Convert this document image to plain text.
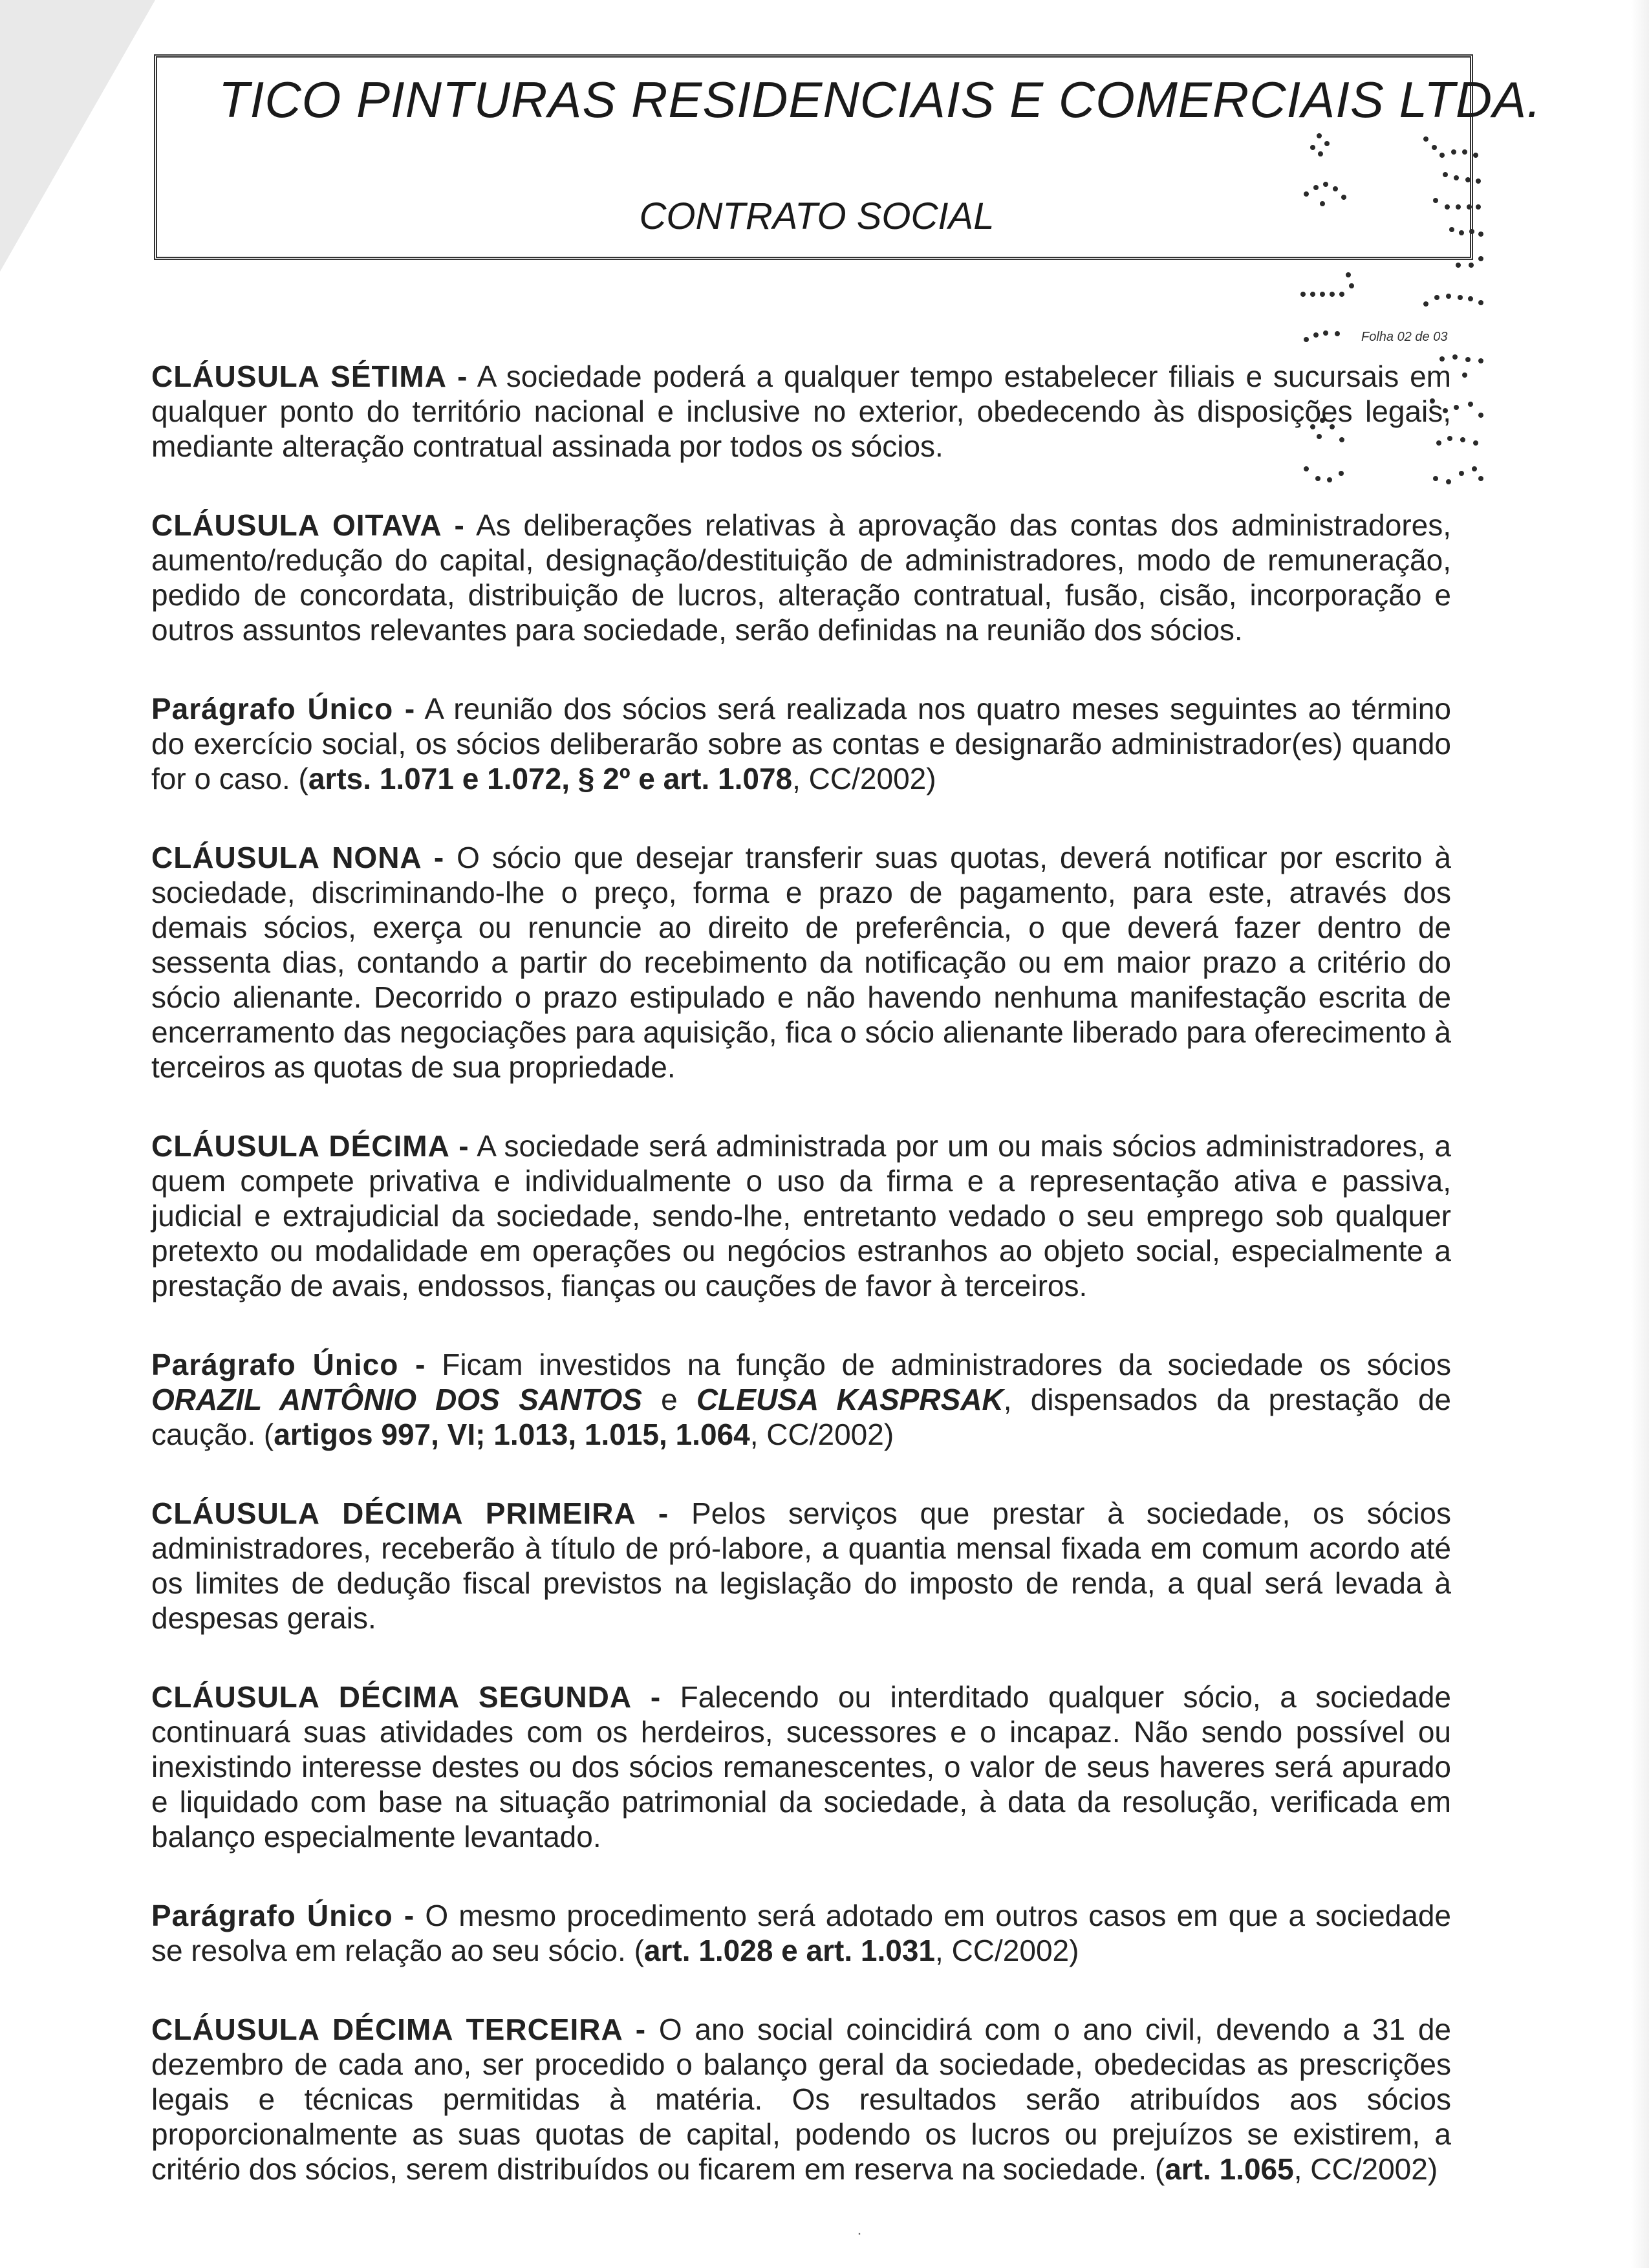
TICO PINTURAS RESIDENCIAIS E COMERCIAIS LTDA.
CONTRATO SOCIAL
Folha 02 de 03

CLÁUSULA SÉTIMA - A sociedade poderá a qualquer tempo estabelecer filiais e sucursais em qualquer ponto do território nacional e inclusive no exterior, obedecendo às disposições legais, mediante alteração contratual assinada por todos os sócios.

CLÁUSULA OITAVA - As deliberações relativas à aprovação das contas dos administradores, aumento/redução do capital, designação/destituição de administradores, modo de remuneração, pedido de concordata, distribuição de lucros, alteração contratual, fusão, cisão, incorporação e outros assuntos relevantes para sociedade, serão definidas na reunião dos sócios.

Parágrafo Único - A reunião dos sócios será realizada nos quatro meses seguintes ao término do exercício social, os sócios deliberarão sobre as contas e designarão administrador(es) quando for o caso. (arts. 1.071 e 1.072, § 2º e art. 1.078, CC/2002)

CLÁUSULA NONA - O sócio que desejar transferir suas quotas, deverá notificar por escrito à sociedade, discriminando-lhe o preço, forma e prazo de pagamento, para este, através dos demais sócios, exerça ou renuncie ao direito de preferência, o que deverá fazer dentro de sessenta dias, contando a partir do recebimento da notificação ou em maior prazo a critério do sócio alienante. Decorrido o prazo estipulado e não havendo nenhuma manifestação escrita de encerramento das negociações para aquisição, fica o sócio alienante liberado para oferecimento à terceiros as quotas de sua propriedade.

CLÁUSULA DÉCIMA - A sociedade será administrada por um ou mais sócios administradores, a quem compete privativa e individualmente o uso da firma e a representação ativa e passiva, judicial e extrajudicial da sociedade, sendo-lhe, entretanto vedado o seu emprego sob qualquer pretexto ou modalidade em operações ou negócios estranhos ao objeto social, especialmente a prestação de avais, endossos, fianças ou cauções de favor à terceiros.

Parágrafo Único - Ficam investidos na função de administradores da sociedade os sócios ORAZIL ANTÔNIO DOS SANTOS e CLEUSA KASPRSAK, dispensados da prestação de caução. (artigos 997, VI; 1.013, 1.015, 1.064, CC/2002)

CLÁUSULA DÉCIMA PRIMEIRA - Pelos serviços que prestar à sociedade, os sócios administradores, receberão à título de pró-labore, a quantia mensal fixada em comum acordo até os limites de dedução fiscal previstos na legislação do imposto de renda, a qual será levada à despesas gerais.

CLÁUSULA DÉCIMA SEGUNDA - Falecendo ou interditado qualquer sócio, a sociedade continuará suas atividades com os herdeiros, sucessores e o incapaz. Não sendo possível ou inexistindo interesse destes ou dos sócios remanescentes, o valor de seus haveres será apurado e liquidado com base na situação patrimonial da sociedade, à data da resolução, verificada em balanço especialmente levantado.

Parágrafo Único - O mesmo procedimento será adotado em outros casos em que a sociedade se resolva em relação ao seu sócio. (art. 1.028 e art. 1.031, CC/2002)

CLÁUSULA DÉCIMA TERCEIRA - O ano social coincidirá com o ano civil, devendo a 31 de dezembro de cada ano, ser procedido o balanço geral da sociedade, obedecidas as prescrições legais e técnicas permitidas à matéria. Os resultados serão atribuídos aos sócios proporcionalmente as suas quotas de capital, podendo os lucros ou prejuízos se existirem, a critério dos sócios, serem distribuídos ou ficarem em reserva na sociedade. (art. 1.065, CC/2002)

·
